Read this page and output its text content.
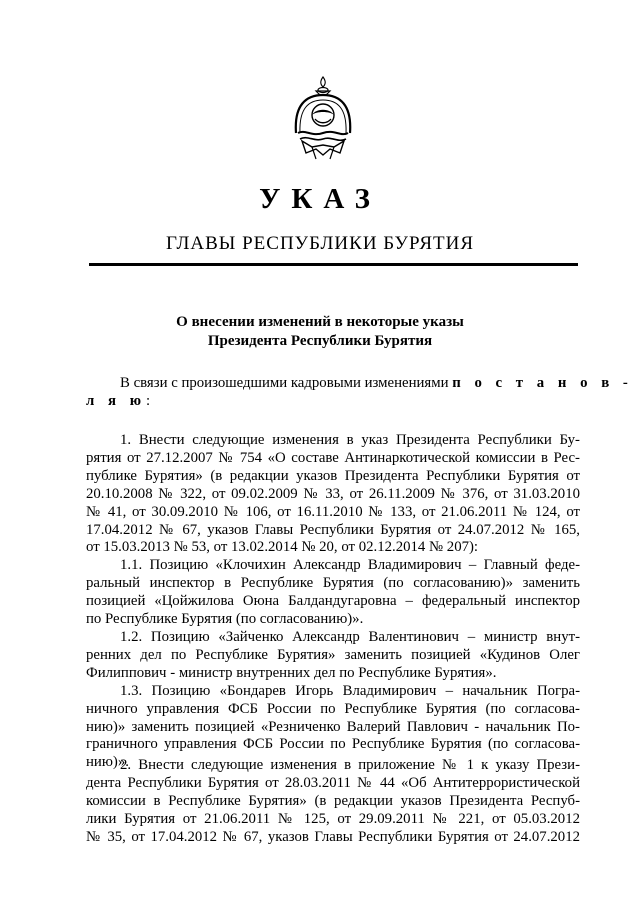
УКАЗ
ГЛАВЫ РЕСПУБЛИКИ БУРЯТИЯ
О внесении изменений в некоторые указы
Президента Республики Бурятия
В связи с произошедшими кадровыми изменениями п о с т а н о в -
л я ю:
1. Внести следующие изменения в указ Президента Республики Бу-
рятия от 27.12.2007 № 754 «О составе Антинаркотической комиссии в Рес-
публике Бурятия» (в редакции указов Президента Республики Бурятия от
20.10.2008 № 322, от 09.02.2009 № 33, от 26.11.2009 № 376, от 31.03.2010
№ 41, от 30.09.2010 № 106, от 16.11.2010 № 133, от 21.06.2011 № 124, от
17.04.2012 № 67, указов Главы Республики Бурятия от 24.07.2012 № 165,
от 15.03.2013 № 53, от 13.02.2014 № 20, от 02.12.2014 № 207):
1.1. Позицию «Клочихин Александр Владимирович – Главный феде-
ральный инспектор в Республике Бурятия (по согласованию)» заменить
позицией «Цойжилова Оюна Балдандугаровна – федеральный инспектор
по Республике Бурятия (по согласованию)».
1.2. Позицию «Зайченко Александр Валентинович – министр внут-
ренних дел по Республике Бурятия» заменить позицией «Кудинов Олег
Филиппович - министр внутренних дел по Республике Бурятия».
1.3. Позицию «Бондарев Игорь Владимирович – начальник Погра-
ничного управления ФСБ России по Республике Бурятия (по согласова-
нию)» заменить позицией «Резниченко Валерий Павлович - начальник По-
граничного управления ФСБ России по Республике Бурятия (по согласова-
нию)».
2. Внести следующие изменения в приложение № 1 к указу Прези-
дента Республики Бурятия от 28.03.2011 № 44 «Об Антитеррористической
комиссии в Республике Бурятия» (в редакции указов Президента Респуб-
лики Бурятия от 21.06.2011 № 125, от 29.09.2011 № 221, от 05.03.2012
№ 35, от 17.04.2012 № 67, указов Главы Республики Бурятия от 24.07.2012
